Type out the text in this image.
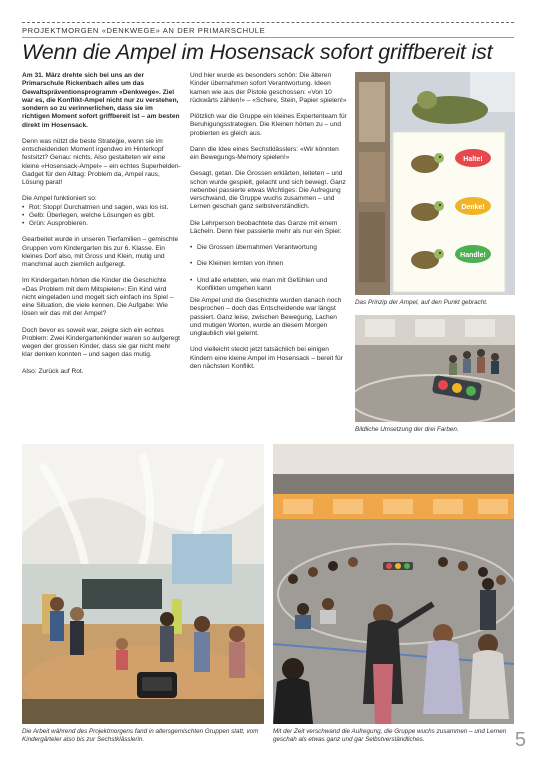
PROJEKTMORGEN «DENKWEGE» AN DER PRIMARSCHULE
Wenn die Ampel im Hosensack sofort griffbereit ist

Am 31. März drehte sich bei uns an der Primarschule Rickenbach alles um das Gewaltspräventionsprogramm «Denkwege». Ziel war es, die Konflikt-Ampel nicht nur zu verstehen, sondern so zu verinnerlichen, dass sie im richtigen Moment sofort griffbereit ist – am besten direkt im Hosensack.

Denn was nützt die beste Strategie, wenn sie im entscheidenden Moment irgendwo im Hinterkopf festsitzt? Genau: nichts. Also gestalteten wir eine kleine «Hosensack-Ampel» – ein echtes Superhelden-Gadget für den Alltag: Problem da, Ampel raus, Lösung parat!

Die Ampel funktioniert so:

• Rot: Stopp! Durchatmen und sagen, was los ist.
• Gelb: Überlegen, welche Lösungen es gibt.
• Grün: Ausprobieren.

Gearbeitet wurde in unseren Tierfamilien – gemischte Gruppen vom Kindergarten bis zur 6. Klasse. Ein kleines Dorf also, mit Gross und Klein, mutig und manchmal auch ziemlich aufgeregt.

Im Kindergarten hörten die Kinder die Geschichte «Das Problem mit dem Mitspielen»: Ein Kind wird nicht eingeladen und mogelt sich einfach ins Spiel – eine Situation, die viele kennen. Die Aufgabe: Wie lösen wir das mit der Ampel?

Doch bevor es soweit war, zeigte sich ein echtes Problem: Zwei Kindergartenkinder waren so aufgeregt wegen der grossen Kinder, dass sie gar nicht mehr klar denken konnten – und sagen das mutig.

Also: Zurück auf Rot.

Und hier wurde es besonders schön: Die älteren Kinder übernahmen sofort Verantwortung. Ideen kamen wie aus der Pistole geschossen: «Von 10 rückwärts zählen!» – «Schere, Stein, Papier spielen!»

Plötzlich war die Gruppe ein kleines Expertenteam für Beruhigungsstrategien. Die Kleinen hörten zu – und probierten es gleich aus.

Dann die Idee eines Sechstklässlers: «Wir könnten ein Bewegungs-Memory spielen!»

Gesagt, getan. Die Grossen erklärten, leiteten – und schon wurde gespielt, gelacht und sich bewegt. Ganz nebenbei passierte etwas Wichtiges: Die Aufregung verschwand, die Gruppe wuchs zusammen – und Lernen geschah ganz selbstverständlich.

Die Lehrperson beobachtete das Ganze mit einem Lächeln. Denn hier passierte mehr als nur ein Spiel:

• Die Grossen übernahmen Verantwortung
• Die Kleinen lernten von ihnen
• Und alle erlebten, wie man mit Gefühlen und Konflikten umgehen kann

Die Ampel und die Geschichte wurden danach noch besprochen – doch das Entscheidende war längst passiert. Ganz leise, zwischen Bewegung, Lachen und mutigen Worten, wurde an diesem Morgen unglaublich viel gelernt.

Und vielleicht steckt jetzt tatsächlich bei einigen Kindern eine kleine Ampel im Hosensack – bereit für den nächsten Konflikt.

Halte!
Denke!
Handle!
Das Prinzip der Ampel, auf den Punkt gebracht.
Bildliche Umsetzung der drei Farben.
Die Arbeit während des Projektmorgens fand in altersgemischten Gruppen statt, vom Kindergärteler also bis zur Sechstklässlerin.
Mit der Zeit verschwand die Aufregung, die Gruppe wuchs zusammen – und Lernen geschah als etwas ganz und gar Selbstverständliches.	5
